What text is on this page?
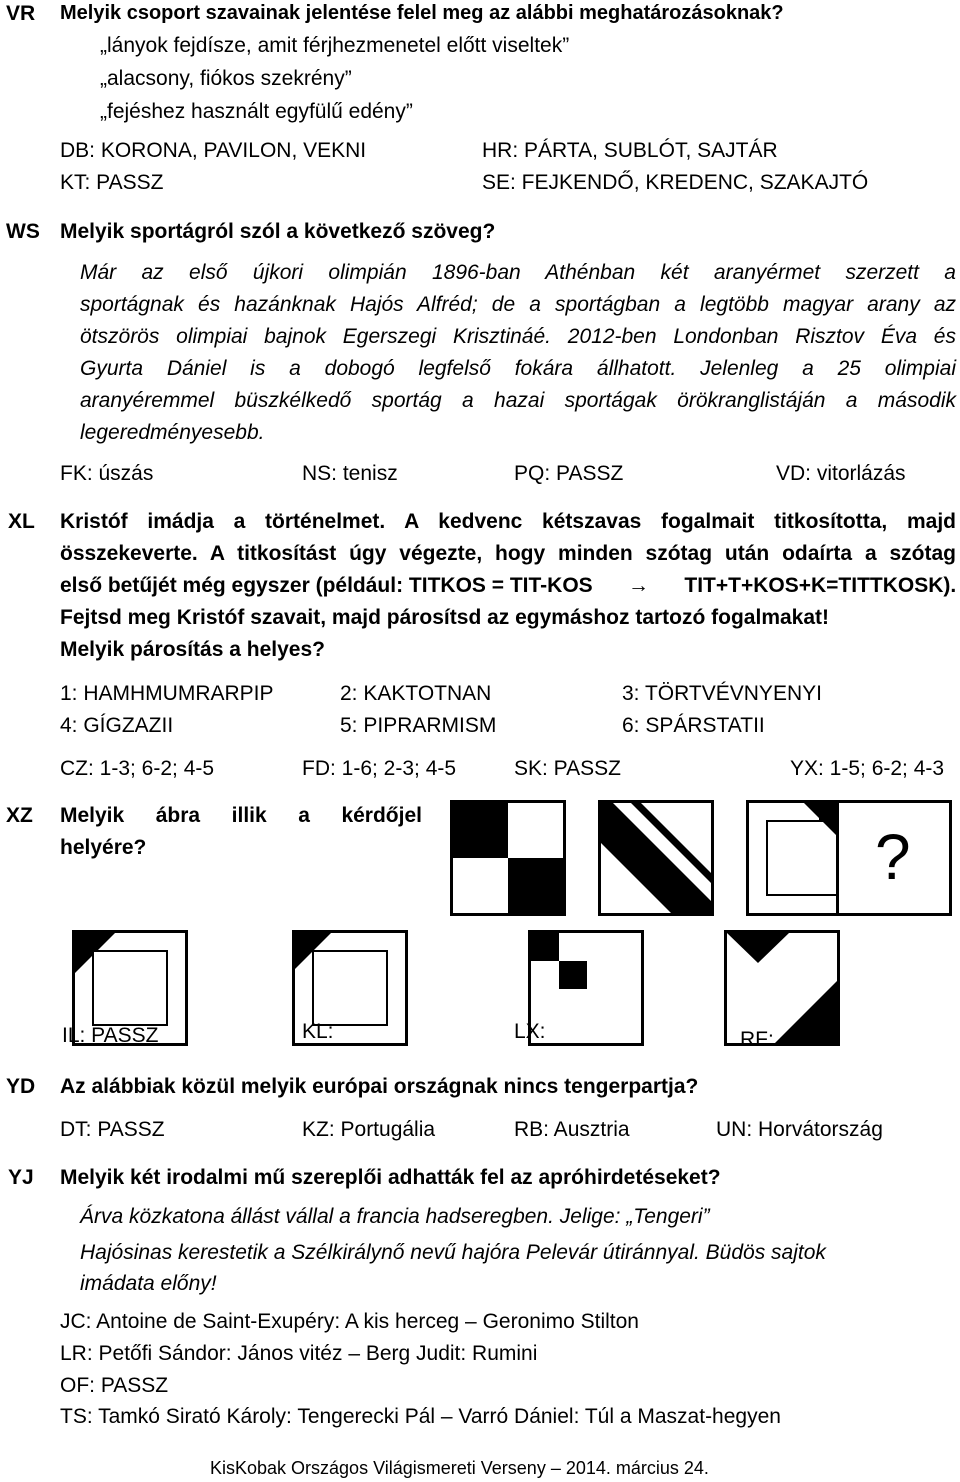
VR Melyik csoport szavainak jelentése felel meg az alábbi meghatározásoknak?
„lányok fejdísze, amit férjhezmenetel előtt viseltek”
„alacsony, fiókos szekrény”
„fejéshez használt egyfülű edény”
DB: KORONA, PAVILON, VEKNI	HR: PÁRTA, SUBLÓT, SAJTÁR
KT: PASSZ	SE: FEJKENDŐ, KREDENC, SZAKAJTÓ
WS Melyik sportágról szól a következő szöveg?
Már az első újkori olimpián 1896-ban Athénban két aranyérmet szerzett a
sportágnak és hazánknak Hajós Alfréd; de a sportágban a legtöbb magyar arany az
ötszörös olimpiai bajnok Egerszegi Krisztináé. 2012-ben Londonban Risztov Éva és
Gyurta Dániel is a dobogó legfelső fokára állhatott. Jelenleg a 25 olimpiai
aranyéremmel büszkélkedő sportág a hazai sportágak örökranglistáján a második
legeredményesebb.
FK: úszás	NS: tenisz	PQ: PASSZ	VD: vitorlázás
XL Kristóf imádja a történelmet. A kedvenc kétszavas fogalmait titkosította, majd
összekeverte. A titkosítást úgy végezte, hogy minden szótag után odaírta a szótag
első betűjét még egyszer (például: TITKOS = TIT-KOS → TIT+T+KOS+K=TITTKOSK).
Fejtsd meg Kristóf szavait, majd párosítsd az egymáshoz tartozó fogalmakat!
Melyik párosítás a helyes?
1: HAMHMUMRARPIP	2: KAKTOTNAN	3: TÖRTVÉVNYENYI
4: GÍGZAZII	5: PIPRARMISM	6: SPÁRSTATII
CZ: 1-3; 6-2; 4-5	FD: 1-6; 2-3; 4-5	SK: PASSZ	YX: 1-5; 6-2; 4-3
XZ Melyik ábra illik a kérdőjel
helyére?	?
IL: PASSZ	KL:	LX:	RF:
YD Az alábbiak közül melyik európai országnak nincs tengerpartja?
DT: PASSZ	KZ: Portugália	RB: Ausztria	UN: Horvátország
YJ Melyik két irodalmi mű szereplői adhatták fel az apróhirdetéseket?
Árva közkatona állást vállal a francia hadseregben. Jelige: „Tengeri”
Hajósinas kerestetik a Szélkirálynő nevű hajóra Pelevár útiránnyal. Büdös sajtok
imádata előny!
JC: Antoine de Saint-Exupéry: A kis herceg – Geronimo Stilton
LR: Petőfi Sándor: János vitéz – Berg Judit: Rumini
OF: PASSZ
TS: Tamkó Sirató Károly: Tengerecki Pál – Varró Dániel: Túl a Maszat-hegyen
KisKobak Országos Világismereti Verseny – 2014. március 24.
